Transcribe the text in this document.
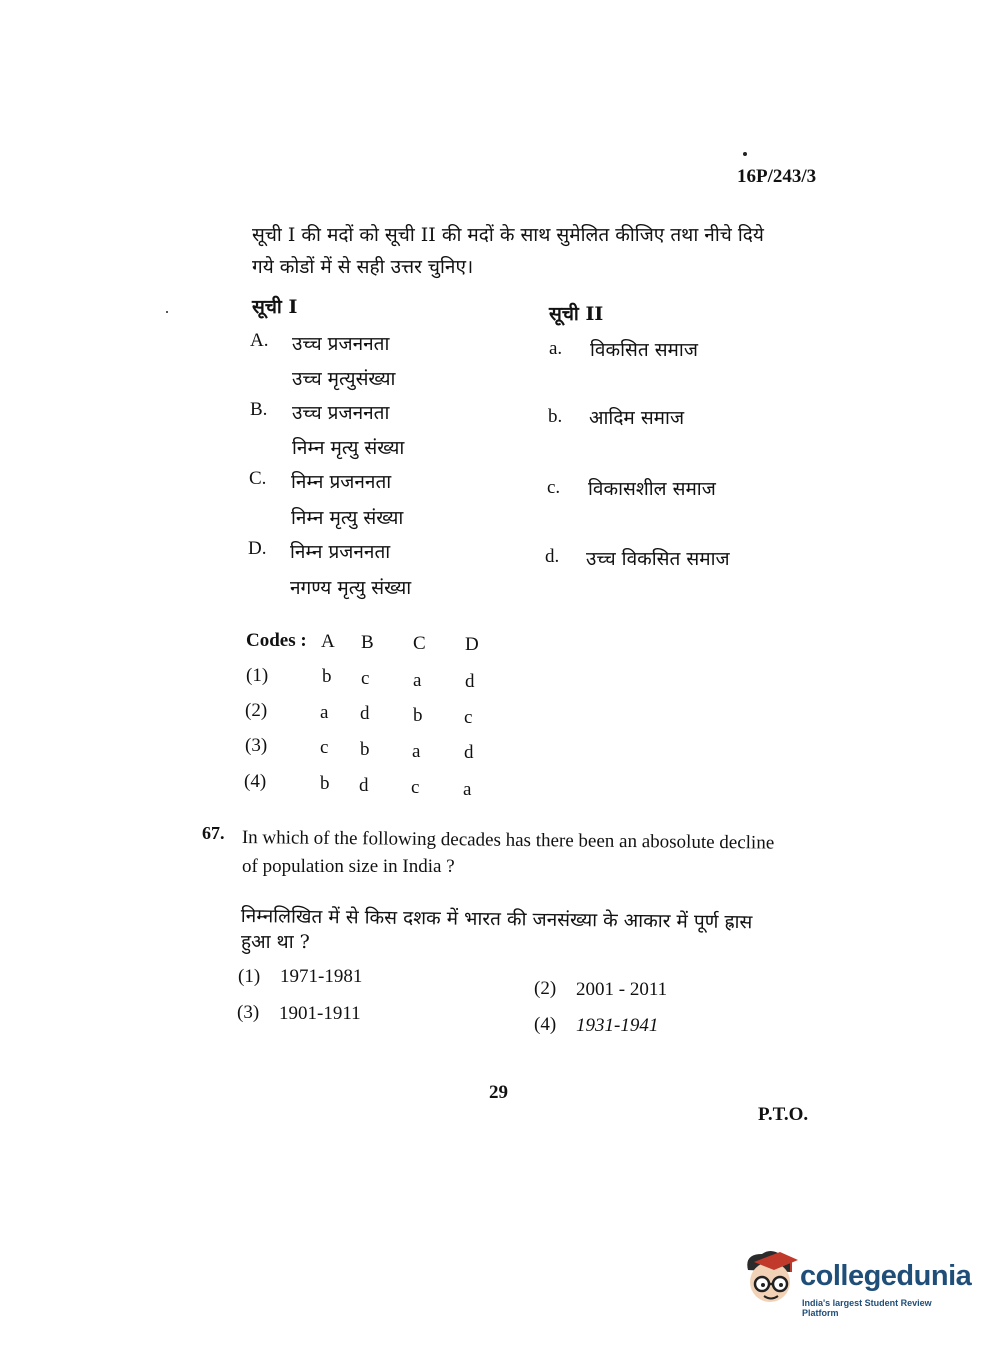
16P/243/3
सूची I की मदों को सूची II की मदों के साथ सुमेलित कीजिए तथा नीचे दिये
गये कोडों में से सही उत्तर चुनिए।
सूची I	सूची II
A. उच्च प्रजननता
उच्च मृत्युसंख्या
B. उच्च प्रजननता
निम्न मृत्यु संख्या
C. निम्न प्रजननता
निम्न मृत्यु संख्या
D. निम्न प्रजननता
नगण्य मृत्यु संख्या
a. विकसित समाज
b. आदिम समाज
c. विकासशील समाज
d. उच्च विकसित समाज
Codes : A B C D
(1)	b c a d
(2)	a d b c
(3)	c b a d
(4)	b d c a
67. In which of the following decades has there been an abosolute decline
of population size in India ?
निम्नलिखित में से किस दशक में भारत की जनसंख्या के आकार में पूर्ण ह्रास
हुआ था ?
(1) 1971-1981
(2) 2001 - 2011
(3) 1901-1911
(4) 1931-1941
29
P.T.O.
collegedunia
India's largest Student Review Platform
